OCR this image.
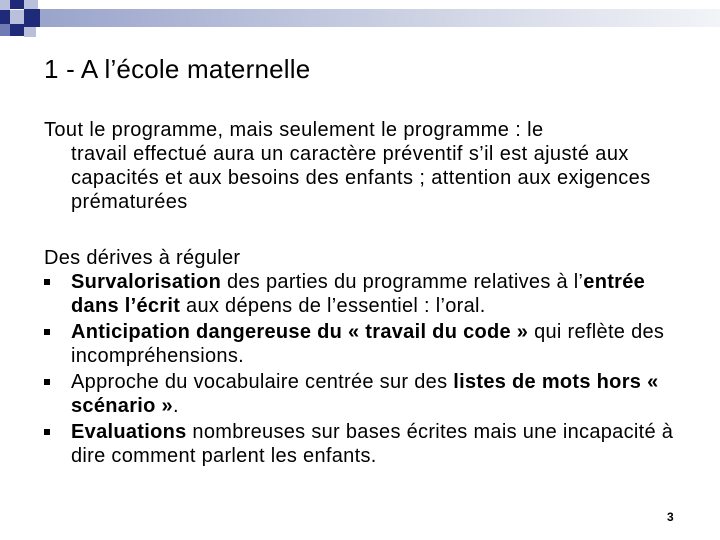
1 - A l’école maternelle
Tout le programme, mais seulement le programme : le
travail effectué aura un caractère préventif s’il est ajusté aux capacités et aux besoins des enfants ; attention aux exigences prématurées
Des dérives à réguler
Survalorisation des parties du programme relatives à l’entrée dans l’écrit aux dépens de l’essentiel : l’oral.
Anticipation dangereuse du « travail du code » qui reflète des incompréhensions.
Approche du vocabulaire centrée sur des listes de mots hors « scénario ».
Evaluations nombreuses sur bases écrites mais une incapacité à dire comment parlent les enfants.
3
